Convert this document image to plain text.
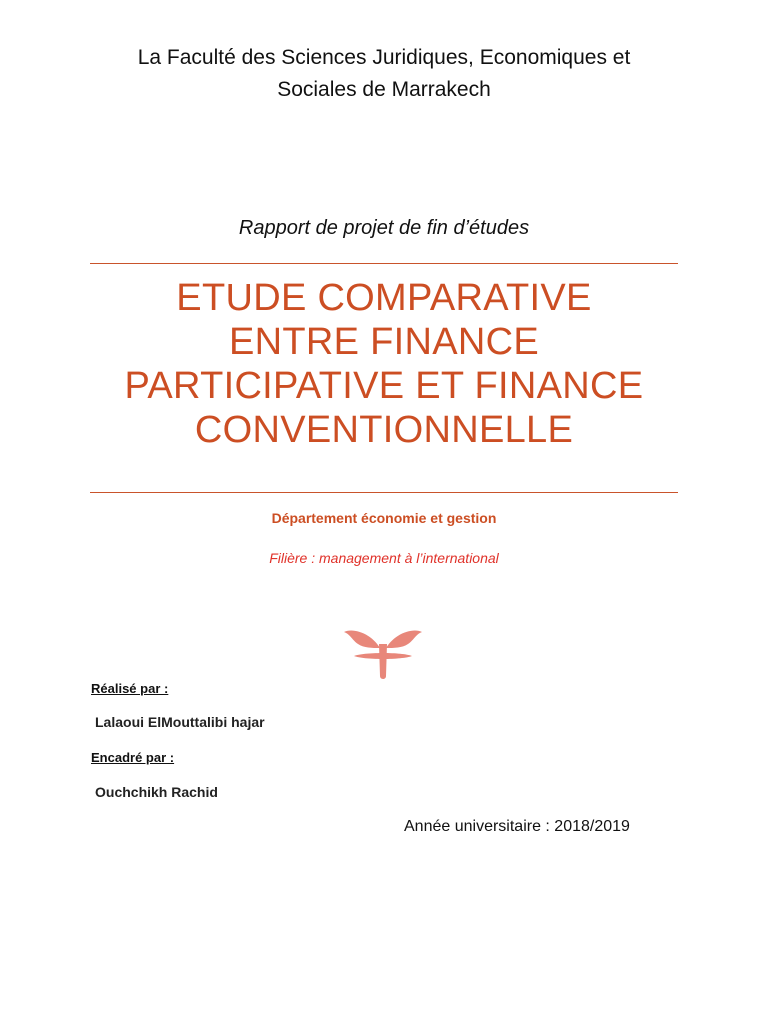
La Faculté des Sciences Juridiques, Economiques et
Sociales de Marrakech
Rapport de projet de fin d’études
ETUDE COMPARATIVE
ENTRE FINANCE
PARTICIPATIVE ET FINANCE
CONVENTIONNELLE
Département économie et gestion
Filière : management à l’international
Réalisé par :
Lalaoui ElMouttalibi hajar
Encadré par :
Ouchchikh Rachid
Année universitaire : 2018/2019
